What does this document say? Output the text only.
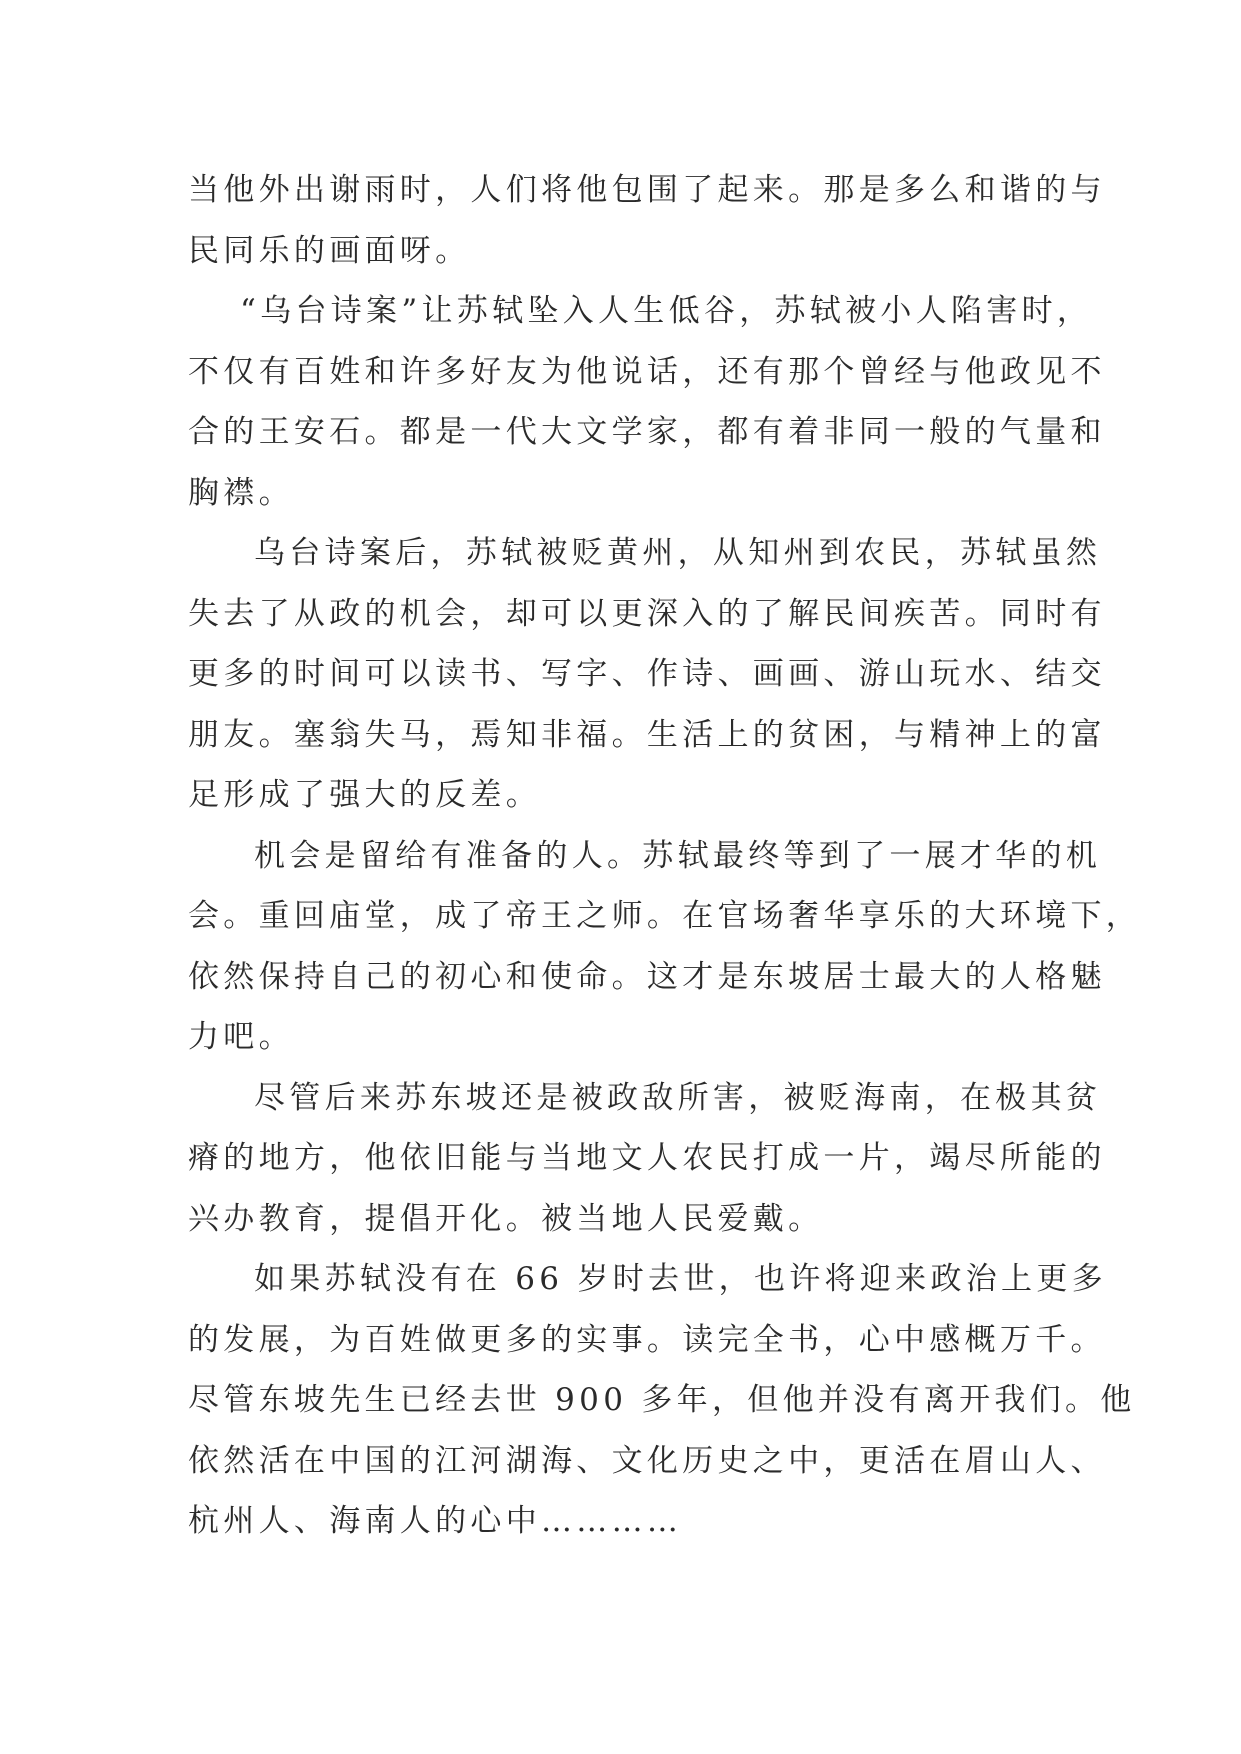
当他外出谢雨时，人们将他包围了起来。那是多么和谐的与
民同乐的画面呀。
“乌台诗案”让苏轼坠入人生低谷，苏轼被小人陷害时，
不仅有百姓和许多好友为他说话，还有那个曾经与他政见不
合的王安石。都是一代大文学家，都有着非同一般的气量和
胸襟。
乌台诗案后，苏轼被贬黄州，从知州到农民，苏轼虽然
失去了从政的机会，却可以更深入的了解民间疾苦。同时有
更多的时间可以读书、写字、作诗、画画、游山玩水、结交
朋友。塞翁失马，焉知非福。生活上的贫困，与精神上的富
足形成了强大的反差。
机会是留给有准备的人。苏轼最终等到了一展才华的机
会。重回庙堂，成了帝王之师。在官场奢华享乐的大环境下，
依然保持自己的初心和使命。这才是东坡居士最大的人格魅
力吧。
尽管后来苏东坡还是被政敌所害，被贬海南，在极其贫
瘠的地方，他依旧能与当地文人农民打成一片，竭尽所能的
兴办教育，提倡开化。被当地人民爱戴。
如果苏轼没有在 66 岁时去世，也许将迎来政治上更多
的发展，为百姓做更多的实事。读完全书，心中感概万千。
尽管东坡先生已经去世 900 多年，但他并没有离开我们。他
依然活在中国的江河湖海、文化历史之中，更活在眉山人、
杭州人、海南人的心中…………
